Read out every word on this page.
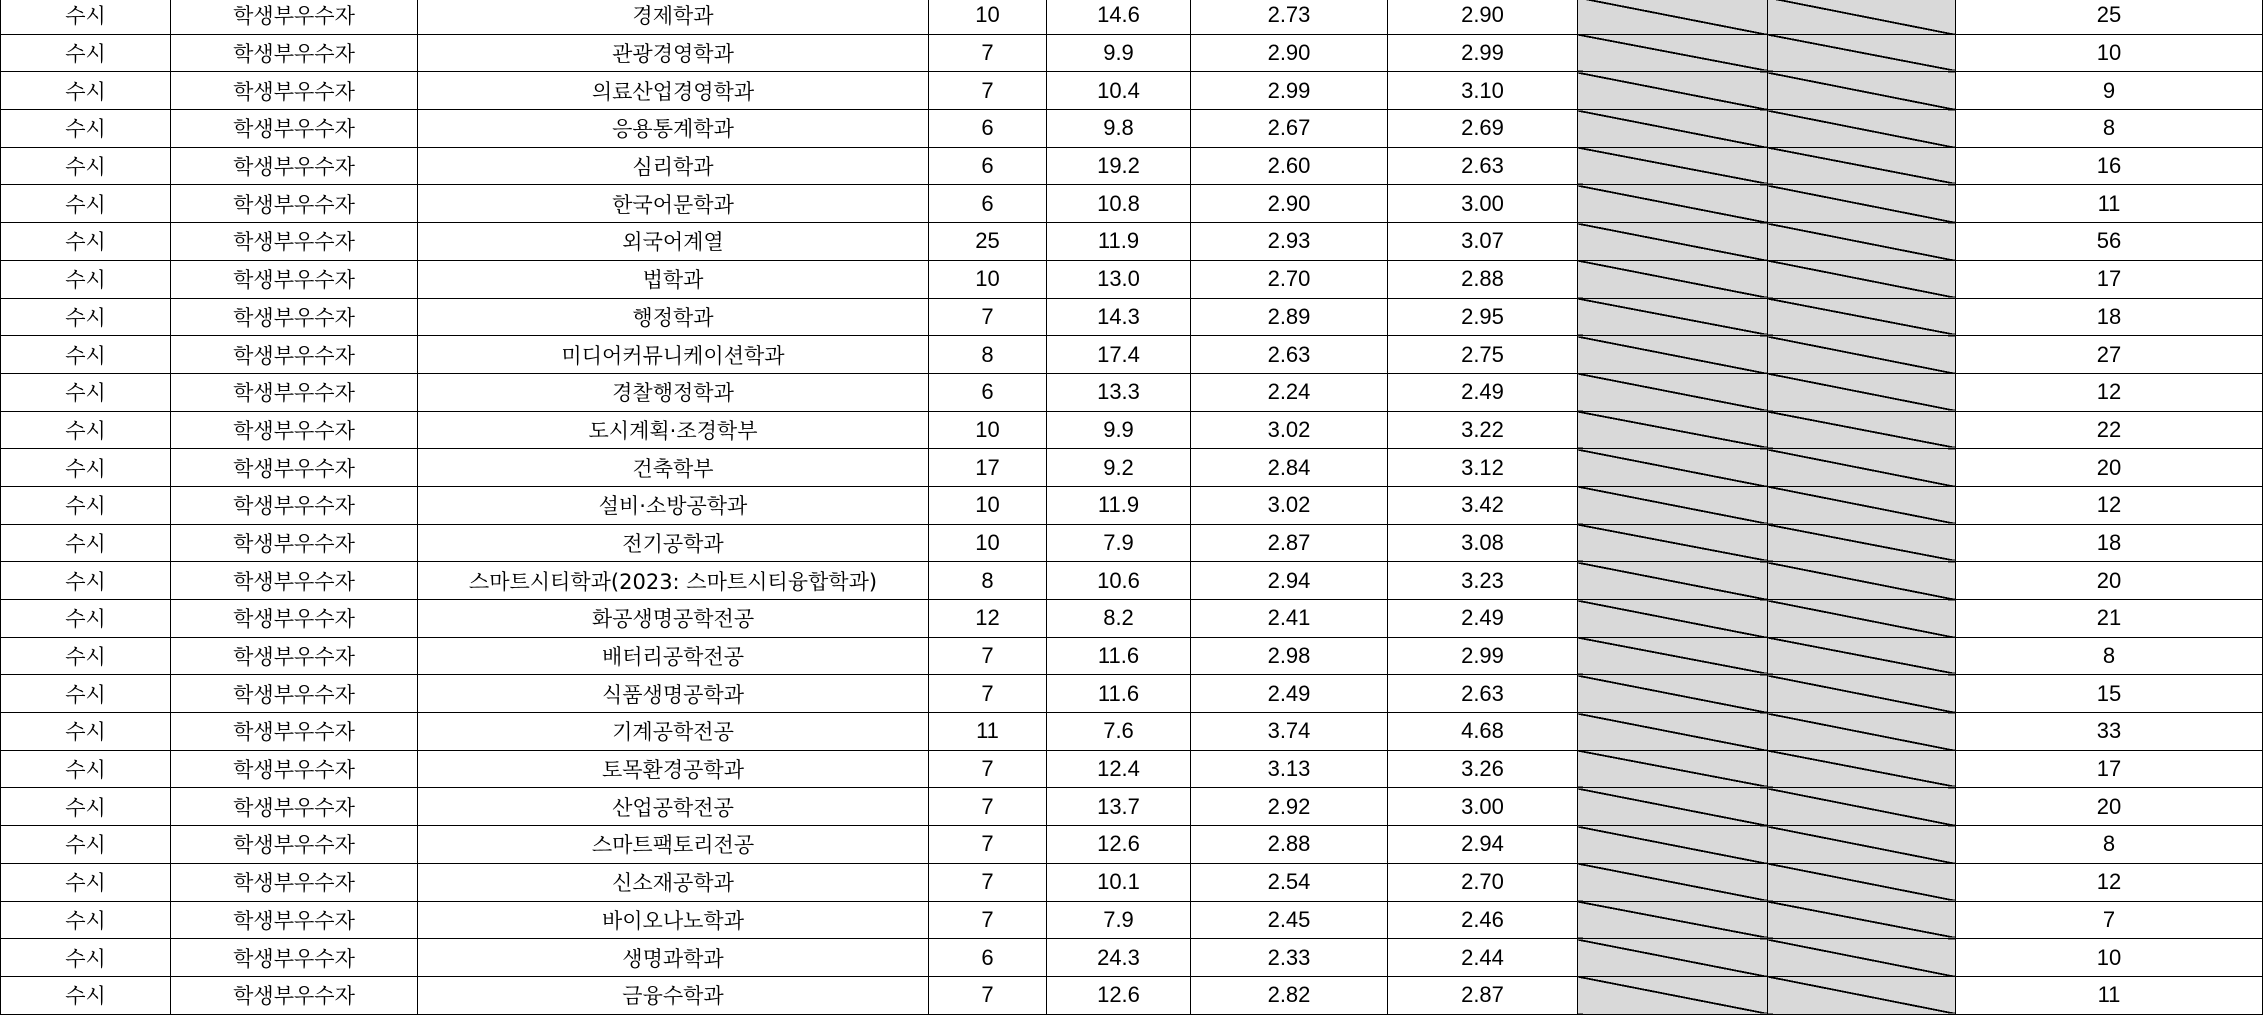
수시	학생부우수자	경제학과	10	14.6	2.73	2.90			25
수시	학생부우수자	관광경영학과	7	9.9	2.90	2.99			10
수시	학생부우수자	의료산업경영학과	7	10.4	2.99	3.10			9
수시	학생부우수자	응용통계학과	6	9.8	2.67	2.69			8
수시	학생부우수자	심리학과	6	19.2	2.60	2.63			16
수시	학생부우수자	한국어문학과	6	10.8	2.90	3.00			11
수시	학생부우수자	외국어계열	25	11.9	2.93	3.07			56
수시	학생부우수자	법학과	10	13.0	2.70	2.88			17
수시	학생부우수자	행정학과	7	14.3	2.89	2.95			18
수시	학생부우수자	미디어커뮤니케이션학과	8	17.4	2.63	2.75			27
수시	학생부우수자	경찰행정학과	6	13.3	2.24	2.49			12
수시	학생부우수자	도시계획·조경학부	10	9.9	3.02	3.22			22
수시	학생부우수자	건축학부	17	9.2	2.84	3.12			20
수시	학생부우수자	설비·소방공학과	10	11.9	3.02	3.42			12
수시	학생부우수자	전기공학과	10	7.9	2.87	3.08			18
수시	학생부우수자	스마트시티학과(2023: 스마트시티융합학과)	8	10.6	2.94	3.23			20
수시	학생부우수자	화공생명공학전공	12	8.2	2.41	2.49			21
수시	학생부우수자	배터리공학전공	7	11.6	2.98	2.99			8
수시	학생부우수자	식품생명공학과	7	11.6	2.49	2.63			15
수시	학생부우수자	기계공학전공	11	7.6	3.74	4.68			33
수시	학생부우수자	토목환경공학과	7	12.4	3.13	3.26			17
수시	학생부우수자	산업공학전공	7	13.7	2.92	3.00			20
수시	학생부우수자	스마트팩토리전공	7	12.6	2.88	2.94			8
수시	학생부우수자	신소재공학과	7	10.1	2.54	2.70			12
수시	학생부우수자	바이오나노학과	7	7.9	2.45	2.46			7
수시	학생부우수자	생명과학과	6	24.3	2.33	2.44			10
수시	학생부우수자	금융수학과	7	12.6	2.82	2.87			11
